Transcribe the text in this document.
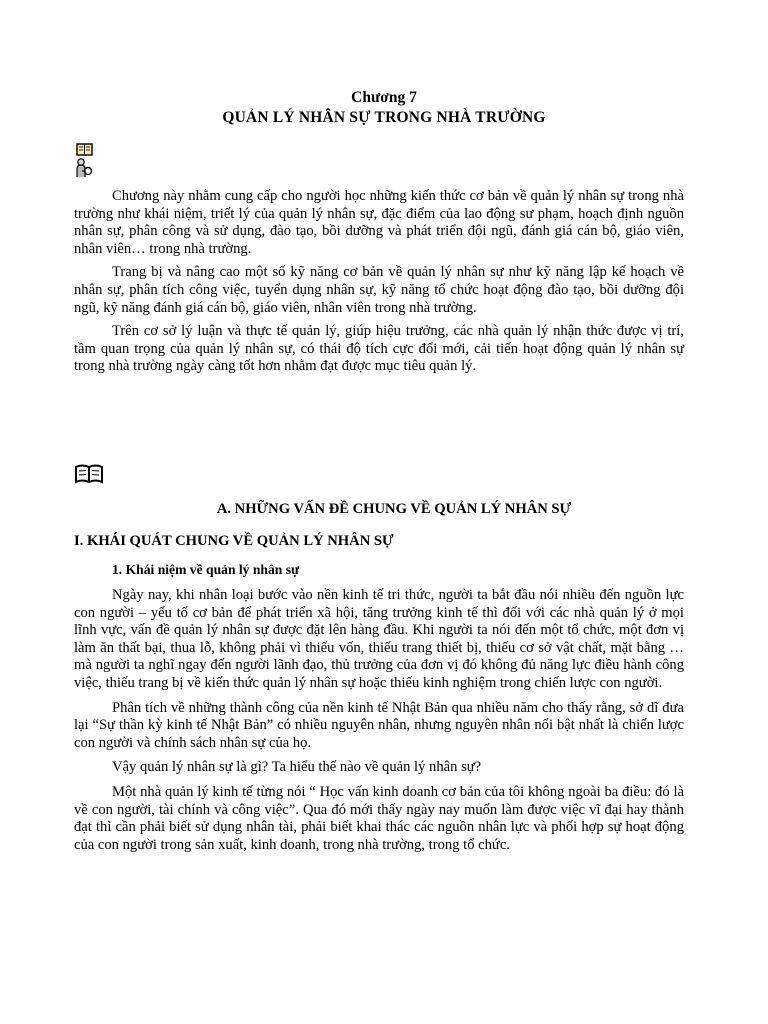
Chương 7
QUẢN LÝ NHÂN SỰ TRONG NHÀ TRƯỜNG

Chương này nhằm cung cấp cho người học những kiến thức cơ bản về quản lý nhân sự trong nhà trường như khái niệm, triết lý của quản lý nhân sự, đặc điểm của lao động sư phạm, hoạch định nguồn nhân sự, phân công và sử dụng, đào tạo, bồi dưỡng và phát triển đội ngũ, đánh giá cán bộ, giáo viên, nhân viên… trong nhà trường.

Trang bị và nâng cao một số kỹ năng cơ bản về quản lý nhân sự như kỹ năng lập kế hoạch về nhân sự, phân tích công việc, tuyển dụng nhân sự, kỹ năng tổ chức hoạt động đào tạo, bồi dưỡng đội ngũ, kỹ năng đánh giá cán bộ, giáo viên, nhân viên trong nhà trường.

Trên cơ sở lý luận và thực tế quản lý, giúp hiệu trưởng, các nhà quản lý nhận thức được vị trí, tầm quan trọng của quản lý nhân sự, có thái độ tích cực đổi mới, cải tiến hoạt động quản lý nhân sự trong nhà trường ngày càng tốt hơn nhằm đạt được mục tiêu quản lý.

A. NHỮNG VẤN ĐỀ CHUNG VỀ QUẢN LÝ NHÂN SỰ
I. KHÁI QUÁT CHUNG VỀ QUẢN LÝ NHÂN SỰ
1. Khái niệm về quản lý nhân sự

Ngày nay, khi nhân loại bước vào nền kinh tế tri thức, người ta bắt đầu nói nhiều đến nguồn lực con người – yếu tố cơ bản để phát triển xã hội, tăng trưởng kinh tế thì đối với các nhà quản lý ở mọi lĩnh vực, vấn đề quản lý nhân sự được đặt lên hàng đầu. Khi người ta nói đến một tổ chức, một đơn vị làm ăn thất bại, thua lỗ, không phải vì thiếu vốn, thiếu trang thiết bị, thiếu cơ sở vật chất, mặt bằng … mà người ta nghĩ ngay đến người lãnh đạo, thủ trưởng của đơn vị đó không đủ năng lực điều hành công việc, thiếu trang bị về kiến thức quản lý nhân sự hoặc thiếu kinh nghiệm trong chiến lược con người.

Phân tích về những thành công của nền kinh tế Nhật Bản qua nhiều năm cho thấy rằng, sở dĩ đưa lại “Sự thần kỳ kinh tế Nhật Bản” có nhiều nguyên nhân, nhưng nguyên nhân nổi bật nhất là chiến lược con người và chính sách nhân sự của họ.

Vậy quản lý nhân sự là gì? Ta hiểu thế nào về quản lý nhân sự?

Một nhà quản lý kinh tế từng nói “ Học vấn kinh doanh cơ bản của tôi không ngoài ba điều: đó là về con người, tài chính và công việc”. Qua đó mới thấy ngày nay muốn làm được việc vĩ đại hay thành đạt thì cần phải biết sử dụng nhân tài, phải biết khai thác các nguồn nhân lực và phối hợp sự hoạt động của con người trong sản xuất, kinh doanh, trong nhà trường, trong tổ chức.
